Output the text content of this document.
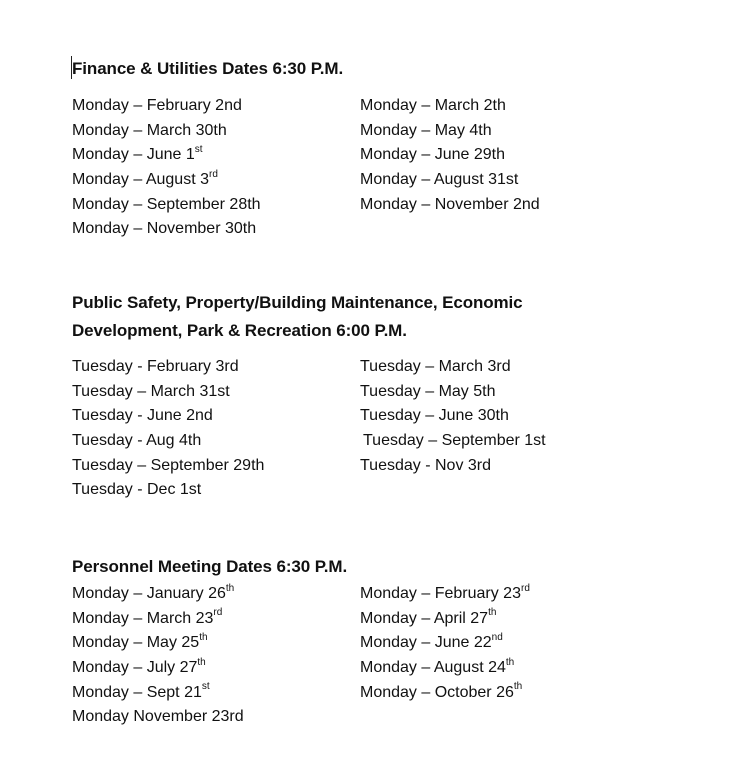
Finance & Utilities Dates 6:30 P.M.

Monday – February 2nd	Monday – March 2th
Monday – March 30th	Monday – May 4th
Monday – June 1st	Monday – June 29th
Monday – August 3rd	Monday – August 31st
Monday – September 28th	Monday – November 2nd
Monday – November 30th

Public Safety, Property/Building Maintenance, Economic
Development, Park & Recreation 6:00 P.M.

Tuesday - February 3rd	Tuesday – March 3rd
Tuesday – March 31st	Tuesday – May 5th
Tuesday - June 2nd	Tuesday – June 30th
Tuesday - Aug 4th	Tuesday – September 1st
Tuesday – September 29th	Tuesday - Nov 3rd
Tuesday - Dec 1st

Personnel Meeting Dates 6:30 P.M.

Monday – January 26th	Monday – February 23rd
Monday – March 23rd	Monday – April 27th
Monday – May 25th	Monday – June 22nd
Monday – July 27th	Monday – August 24th
Monday – Sept 21st	Monday – October 26th
Monday November 23rd
